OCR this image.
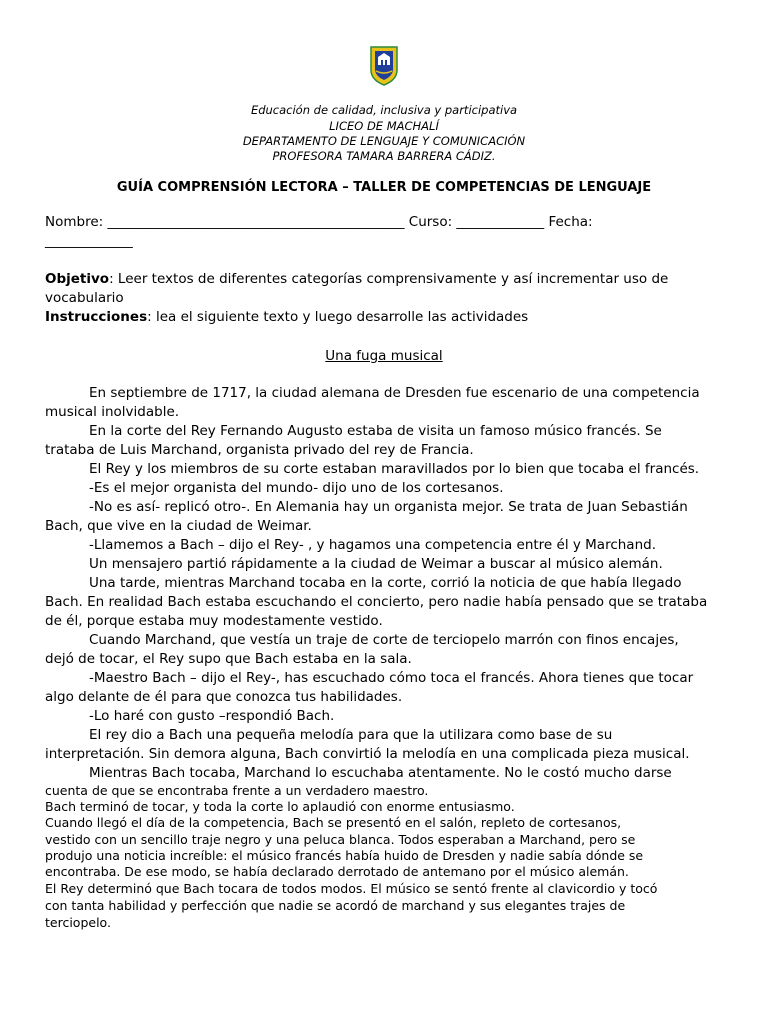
Educación de calidad, inclusiva y participativa
LICEO DE MACHALÍ
DEPARTAMENTO DE LENGUAJE Y COMUNICACIÓN
PROFESORA TAMARA BARRERA CÁDIZ.
GUÍA COMPRENSIÓN LECTORA – TALLER DE COMPETENCIAS DE LENGUAJE
Nombre: ____________________________________________ Curso: _____________ Fecha:
_____________
Objetivo: Leer textos de diferentes categorías comprensivamente y así incrementar uso de
vocabulario
Instrucciones: lea el siguiente texto y luego desarrolle las actividades
Una fuga musical
En septiembre de 1717, la ciudad alemana de Dresden fue escenario de una competencia
musical inolvidable.
En la corte del Rey Fernando Augusto estaba de visita un famoso músico francés. Se
trataba de Luis Marchand, organista privado del rey de Francia.
El Rey y los miembros de su corte estaban maravillados por lo bien que tocaba el francés.
-Es el mejor organista del mundo- dijo uno de los cortesanos.
-No es así- replicó otro-. En Alemania hay un organista mejor. Se trata de Juan Sebastián
Bach, que vive en la ciudad de Weimar.
-Llamemos a Bach – dijo el Rey- , y hagamos una competencia entre él y Marchand.
Un mensajero partió rápidamente a la ciudad de Weimar a buscar al músico alemán.
Una tarde, mientras Marchand tocaba en la corte, corrió la noticia de que había llegado
Bach. En realidad Bach estaba escuchando el concierto, pero nadie había pensado que se trataba
de él, porque estaba muy modestamente vestido.
Cuando Marchand, que vestía un traje de corte de terciopelo marrón con finos encajes,
dejó de tocar, el Rey supo que Bach estaba en la sala.
-Maestro Bach – dijo el Rey-, has escuchado cómo toca el francés. Ahora tienes que tocar
algo delante de él para que conozca tus habilidades.
-Lo haré con gusto –respondió Bach.
El rey dio a Bach una pequeña melodía para que la utilizara como base de su
interpretación. Sin demora alguna, Bach convirtió la melodía en una complicada pieza musical.
Mientras Bach tocaba, Marchand lo escuchaba atentamente. No le costó mucho darse
cuenta de que se encontraba frente a un verdadero maestro.
Bach terminó de tocar, y toda la corte lo aplaudió con enorme entusiasmo.
Cuando llegó el día de la competencia, Bach se presentó en el salón, repleto de cortesanos,
vestido con un sencillo traje negro y una peluca blanca. Todos esperaban a Marchand, pero se
produjo una noticia increíble: el músico francés había huido de Dresden y nadie sabía dónde se
encontraba. De ese modo, se había declarado derrotado de antemano por el músico alemán.
El Rey determinó que Bach tocara de todos modos. El músico se sentó frente al clavicordio y tocó
con tanta habilidad y perfección que nadie se acordó de marchand y sus elegantes trajes de
terciopelo.
